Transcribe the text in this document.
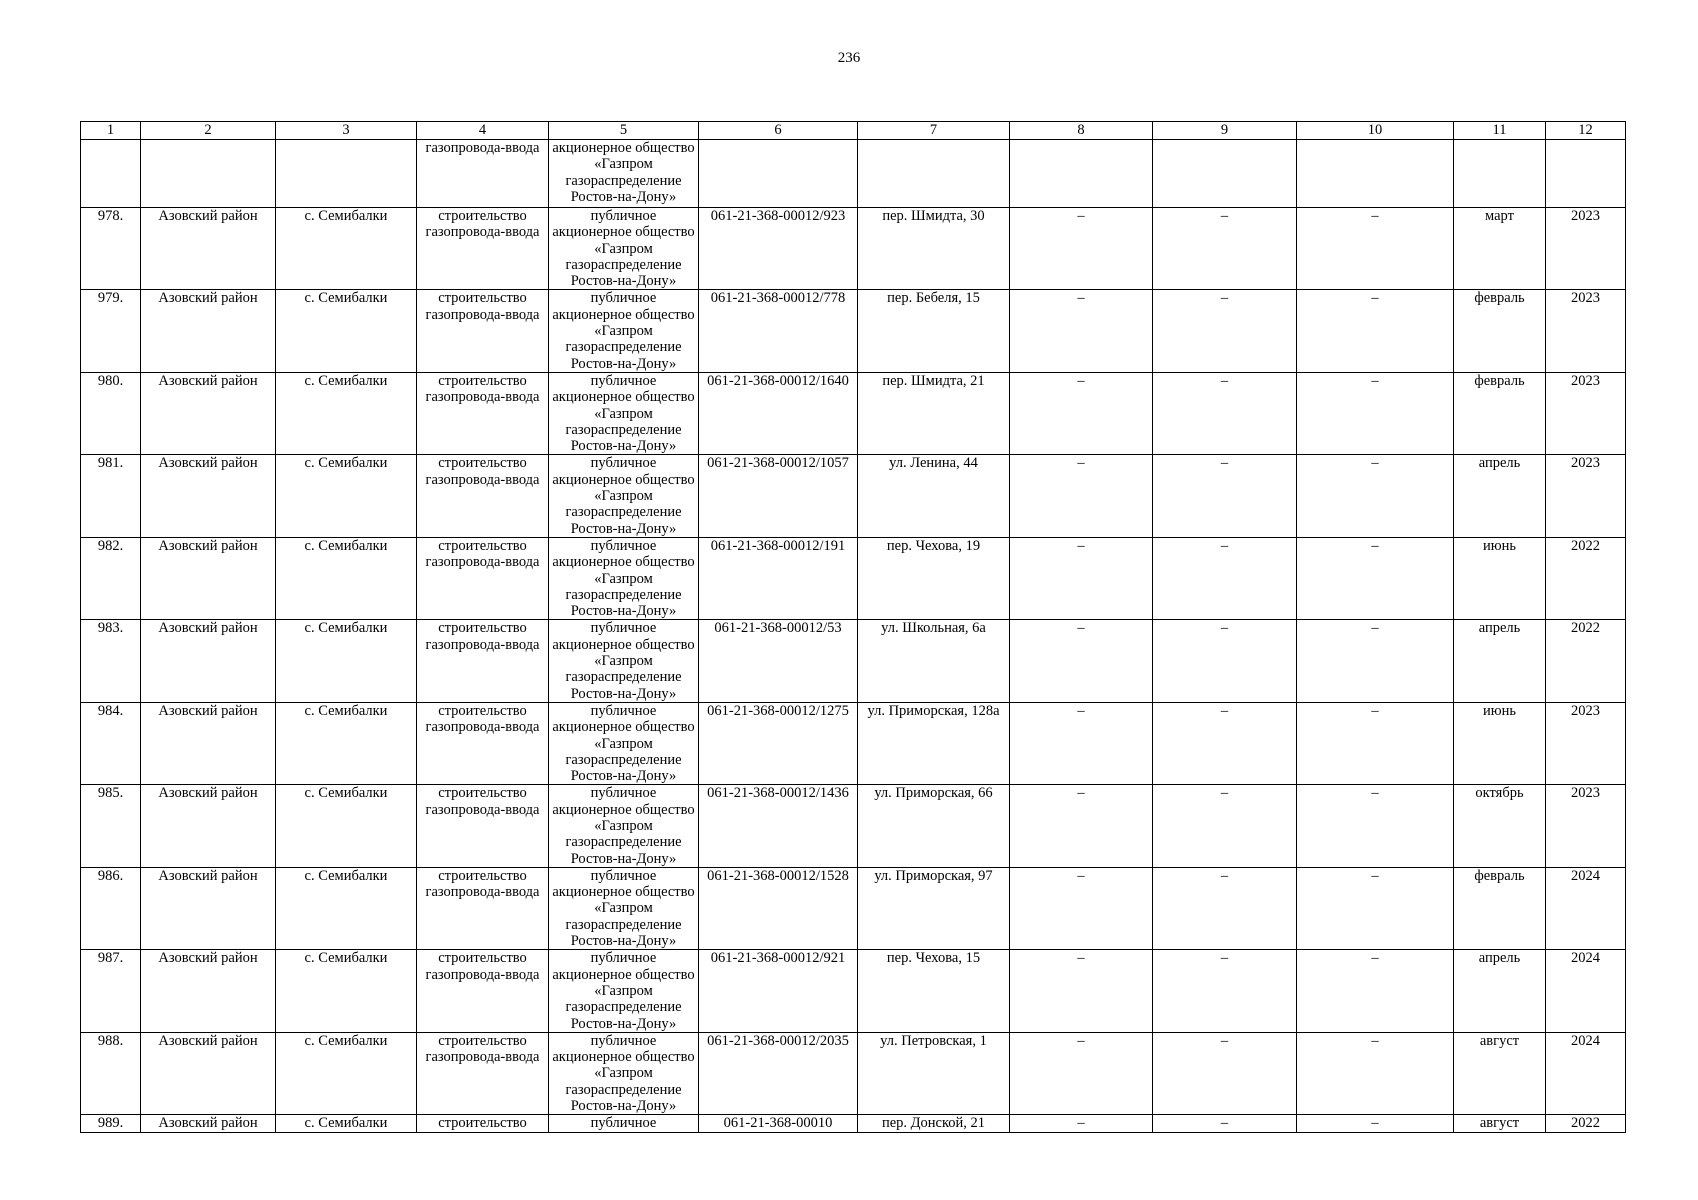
236
1	2	3	4	5	6	7	8	9	10	11	12
			газопровода-ввода	акционерное общество «Газпром газораспределение Ростов-на-Дону»							
978.	Азовский район	с. Семибалки	строительство газопровода-ввода	публичное акционерное общество «Газпром газораспределение Ростов-на-Дону»	061-21-368-00012/923	пер. Шмидта, 30	–	–	–	март	2023
979.	Азовский район	с. Семибалки	строительство газопровода-ввода	публичное акционерное общество «Газпром газораспределение Ростов-на-Дону»	061-21-368-00012/778	пер. Бебеля, 15	–	–	–	февраль	2023
980.	Азовский район	с. Семибалки	строительство газопровода-ввода	публичное акционерное общество «Газпром газораспределение Ростов-на-Дону»	061-21-368-00012/1640	пер. Шмидта, 21	–	–	–	февраль	2023
981.	Азовский район	с. Семибалки	строительство газопровода-ввода	публичное акционерное общество «Газпром газораспределение Ростов-на-Дону»	061-21-368-00012/1057	ул. Ленина, 44	–	–	–	апрель	2023
982.	Азовский район	с. Семибалки	строительство газопровода-ввода	публичное акционерное общество «Газпром газораспределение Ростов-на-Дону»	061-21-368-00012/191	пер. Чехова, 19	–	–	–	июнь	2022
983.	Азовский район	с. Семибалки	строительство газопровода-ввода	публичное акционерное общество «Газпром газораспределение Ростов-на-Дону»	061-21-368-00012/53	ул. Школьная, 6а	–	–	–	апрель	2022
984.	Азовский район	с. Семибалки	строительство газопровода-ввода	публичное акционерное общество «Газпром газораспределение Ростов-на-Дону»	061-21-368-00012/1275	ул. Приморская, 128а	–	–	–	июнь	2023
985.	Азовский район	с. Семибалки	строительство газопровода-ввода	публичное акционерное общество «Газпром газораспределение Ростов-на-Дону»	061-21-368-00012/1436	ул. Приморская, 66	–	–	–	октябрь	2023
986.	Азовский район	с. Семибалки	строительство газопровода-ввода	публичное акционерное общество «Газпром газораспределение Ростов-на-Дону»	061-21-368-00012/1528	ул. Приморская, 97	–	–	–	февраль	2024
987.	Азовский район	с. Семибалки	строительство газопровода-ввода	публичное акционерное общество «Газпром газораспределение Ростов-на-Дону»	061-21-368-00012/921	пер. Чехова, 15	–	–	–	апрель	2024
988.	Азовский район	с. Семибалки	строительство газопровода-ввода	публичное акционерное общество «Газпром газораспределение Ростов-на-Дону»	061-21-368-00012/2035	ул. Петровская, 1	–	–	–	август	2024
989.	Азовский район	с. Семибалки	строительство	публичное	061-21-368-00010	пер. Донской, 21	–	–	–	август	2022
